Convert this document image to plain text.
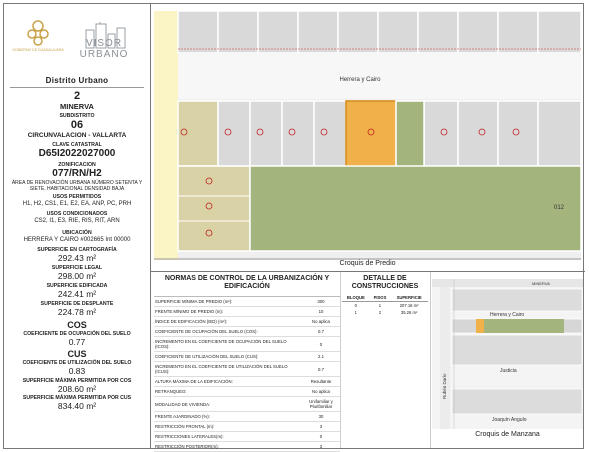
GOBIERNO DE GUADALAJARA
VISOR URBANO
Distrito Urbano
2
MINERVA
SUBDISTRITO
06
CIRCUNVALACION - VALLARTA
CLAVE CATASTRAL
D65I2022027000
ZONIFICACION
077/RN/H2
ÁREA DE RENOVACIÓN URBANA NÚMERO SETENTA Y SIETE, HABITACIONAL DENSIDAD BAJA
USOS PERMITIDOS
H1, H2, CS1, E1, E2, EA, ANP, PC, PRH
USOS CONDICIONADOS
CS2, I1, E3, RIE, RIS, RIT, ARN
UBICACIÓN
HERRERA Y CAIRO #002665 Int 00000
SUPERFICIE EN CARTOGRAFÍA
292.43 m²
SUPERFICIE LEGAL
298.00 m²
SUPERFICIE EDIFICADA
242.41 m²
SUPERFICIE DE DESPLANTE
224.78 m²
COS
COEFICIENTE DE OCUPACIÓN DEL SUELO
0.77
CUS
COEFICIENTE DE UTILIZACIÓN DEL SUELO
0.83
SUPERFICIE MÁXIMA PERMITIDA POR COS
208.60 m²
SUPERFICIE MÁXIMA PERMITIDA POR CUS
834.40 m²
Herrera y Cairo
012
Croquis de Predio
NORMAS DE CONTROL DE LA URBANIZACIÓN Y EDIFICACIÓN
SUPERFICIE MÍNIMA DE PREDIO (m²):	300
FRENTE MÍNIMO DE PREDIO (m):	10
ÍNDICE DE EDIFICACIÓN (IED) (m²):	No aplica
COEFICIENTE DE OCUPACIÓN DEL SUELO (COS):	0.7
INCREMENTO EN EL COEFICIENTE DE OCUPACIÓN DEL SUELO (ICOS):	0
COEFICIENTE DE UTILIZACIÓN DEL SUELO (CUS):	2.1
INCREMENTO EN EL COEFICIENTE DE UTILIZACIÓN DEL SUELO (ICUS):	0.7
ALTURA MÁXIMA DE LA EDIFICACIÓN:	Resultante
RETRANQUEO:	No aplica
MODALIDAD DE VIVIENDA:	Unifamiliar y Plurifamiliar
FRENTE AJARDINADO (%):	30
RESTRICCIÓN FRONTAL (m):	3
RESTRICCIONES LATERALES(m):	0
RESTRICCIÓN POSTERIOR(m):	3
DETALLE DE CONSTRUCCIONES
BLOQUE	PISOS	SUPERFICIE
0	1	207.16 m²
1	2	35.26 m²
MINERVA
Herrera y Cairo
Justicia
Joaquín Angulo
Rubén Darío
Croquis de Manzana
